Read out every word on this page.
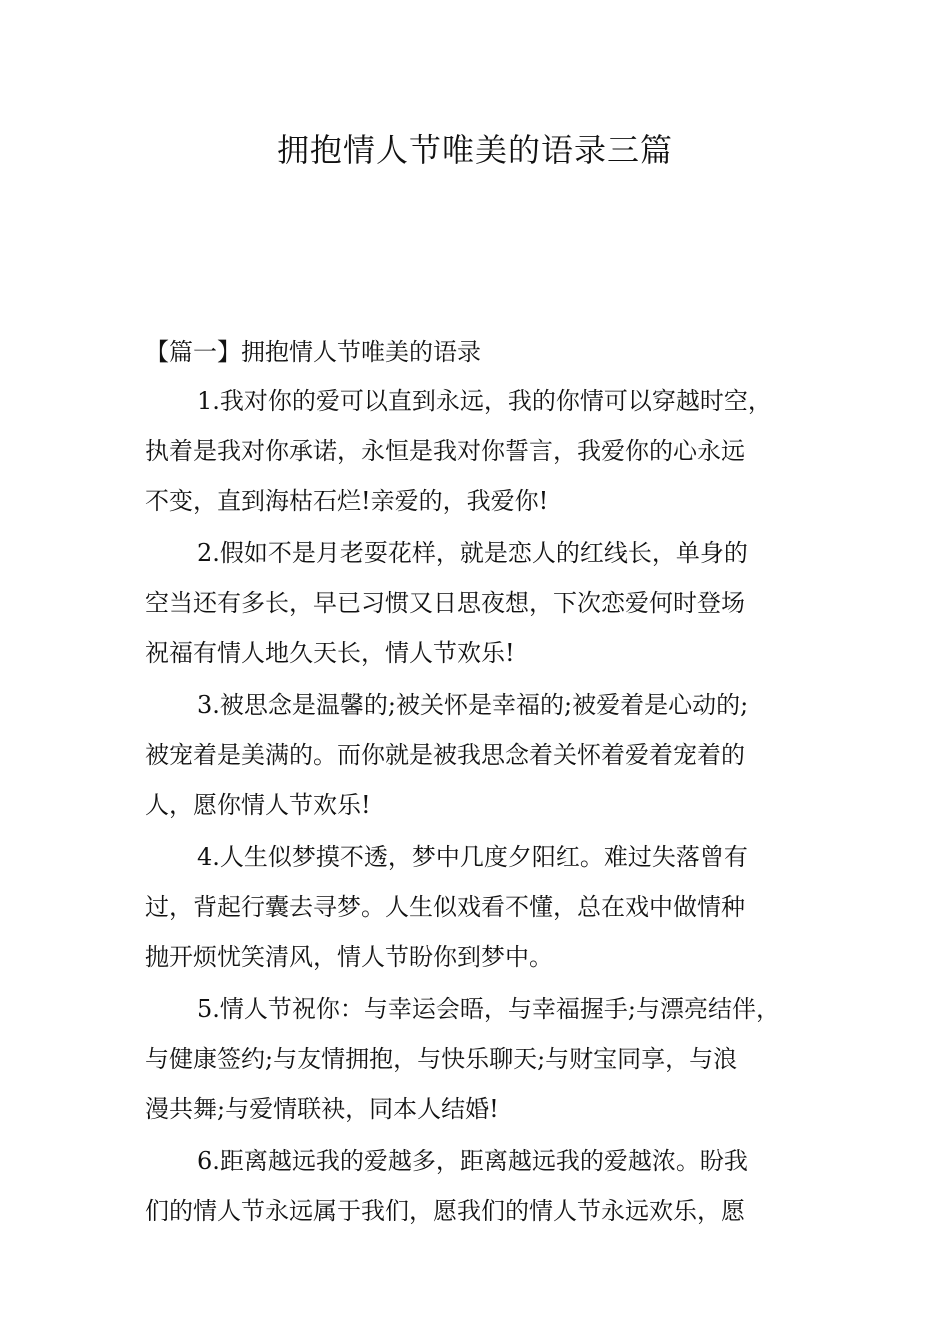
拥抱情人节唯美的语录三篇

【篇一】拥抱情人节唯美的语录

1.我对你的爱可以直到永远，我的你情可以穿越时空，
执着是我对你承诺，永恒是我对你誓言，我爱你的心永远
不变，直到海枯石烂!亲爱的，我爱你!

2.假如不是月老耍花样，就是恋人的红线长，单身的
空当还有多长，早已习惯又日思夜想，下次恋爱何时登场
祝福有情人地久天长，情人节欢乐!

3.被思念是温馨的;被关怀是幸福的;被爱着是心动的;
被宠着是美满的。而你就是被我思念着关怀着爱着宠着的
人，愿你情人节欢乐!

4.人生似梦摸不透，梦中几度夕阳红。难过失落曾有
过，背起行囊去寻梦。人生似戏看不懂，总在戏中做情种
抛开烦忧笑清风，情人节盼你到梦中。

5.情人节祝你：与幸运会晤，与幸福握手;与漂亮结伴，
与健康签约;与友情拥抱，与快乐聊天;与财宝同享，与浪
漫共舞;与爱情联袂，同本人结婚!

6.距离越远我的爱越多，距离越远我的爱越浓。盼我
们的情人节永远属于我们，愿我们的情人节永远欢乐，愿
